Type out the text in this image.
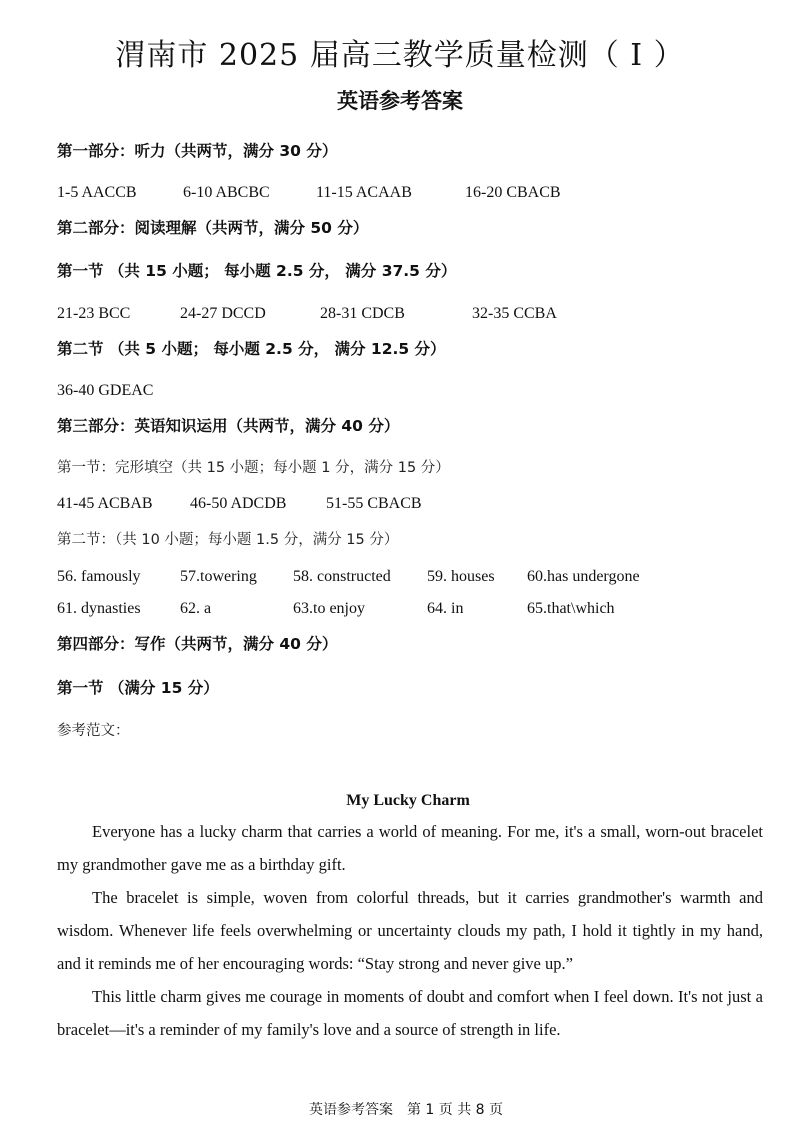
渭南市 2025 届高三教学质量检测（ Ⅰ ）
英语参考答案
第一部分：听力（共两节，满分 30 分）
1-5 AACCB	6-10 ABCBC	11-15 ACAAB	16-20 CBACB
第二部分：阅读理解（共两节，满分 50 分）
第一节 （共 15 小题； 每小题 2.5 分， 满分 37.5 分）
21-23 BCC	24-27 DCCD	28-31 CDCB	32-35 CCBA
第二节 （共 5 小题； 每小题 2.5 分， 满分 12.5 分）
36-40 GDEAC
第三部分：英语知识运用（共两节，满分 40 分）
第一节：完形填空（共 15 小题；每小题 1 分，满分 15 分）
41-45 ACBAB 46-50 ADCDB 51-55 CBACB
第二节：（共 10 小题；每小题 1.5 分，满分 15 分）
56. famously 57.towering 58. constructed 59. houses 60.has undergone
61. dynasties 62. a	63.to enjoy	64. in	65.that\which
第四部分：写作（共两节，满分 40 分）
第一节 （满分 15 分）
参考范文：
My Lucky Charm
Everyone has a lucky charm that carries a world of meaning. For me, it's a small, worn-out bracelet my grandmother gave me as a birthday gift.
The bracelet is simple, woven from colorful threads, but it carries grandmother's warmth and wisdom. Whenever life feels overwhelming or uncertainty clouds my path, I hold it tightly in my hand, and it reminds me of her encouraging words: “Stay strong and never give up.”
This little charm gives me courage in moments of doubt and comfort when I feel down. It's not just a bracelet—it's a reminder of my family's love and a source of strength in life.
英语参考答案　第 1 页 共 8 页
